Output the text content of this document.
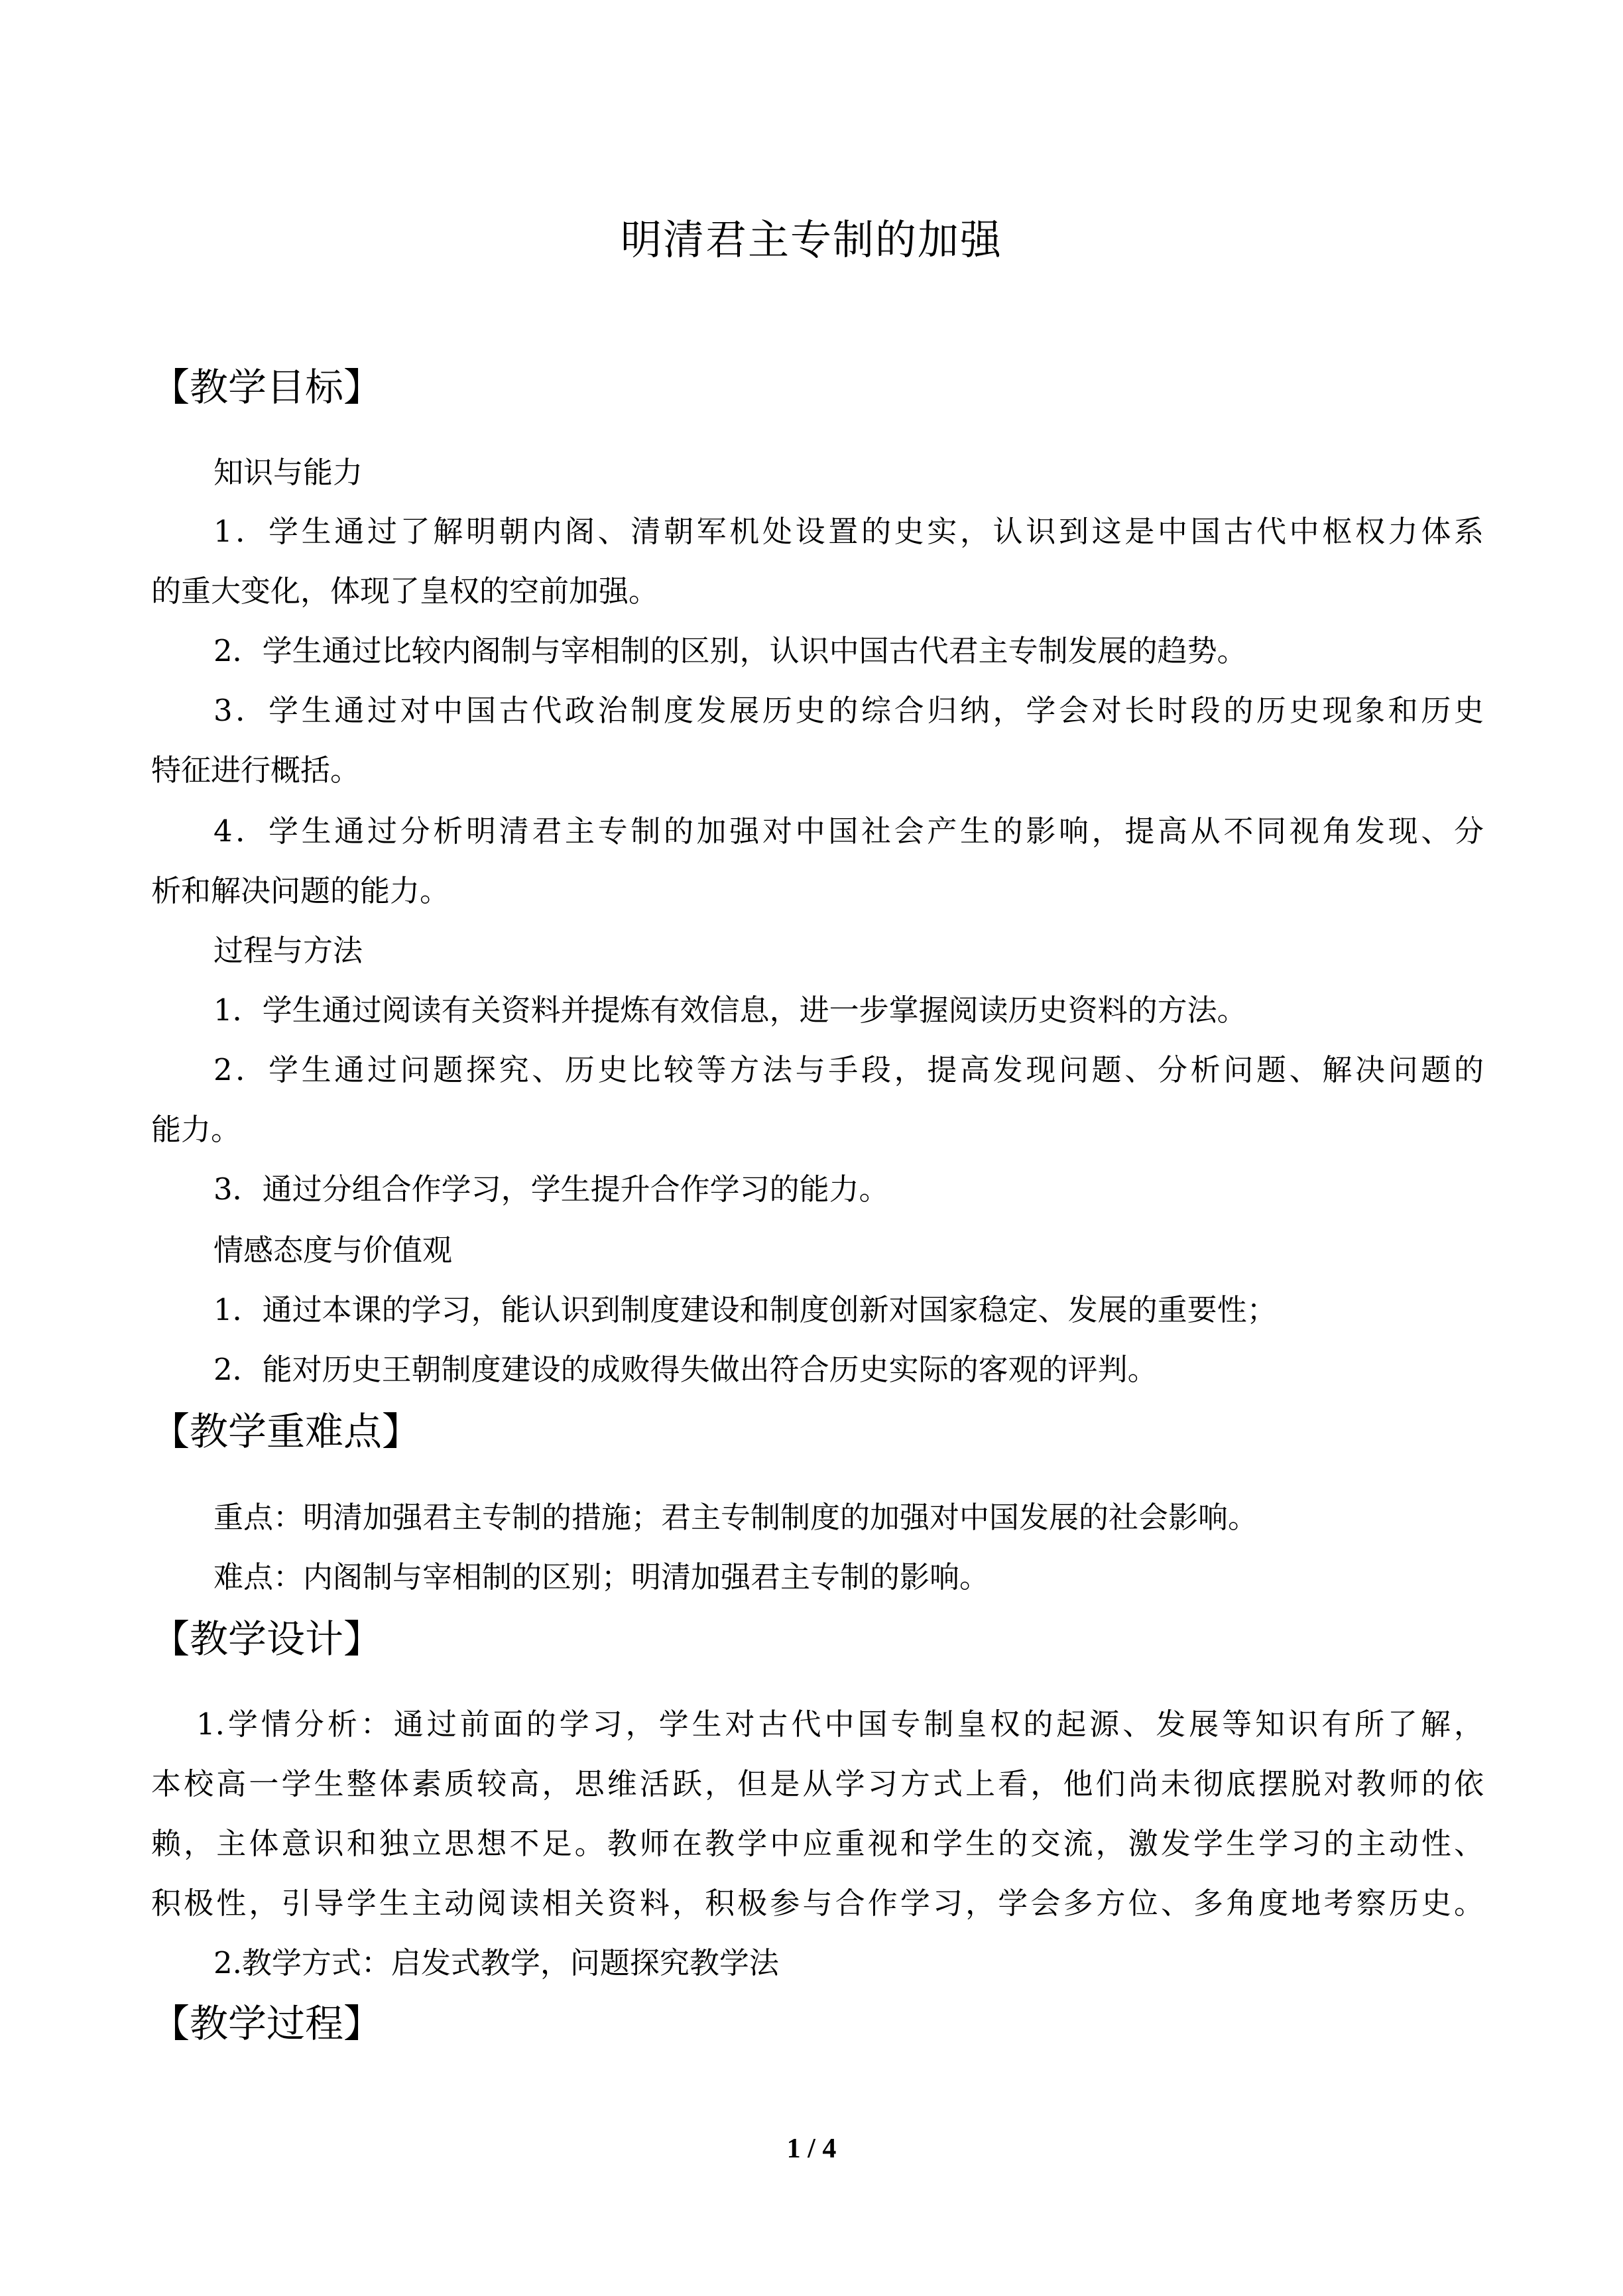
明清君主专制的加强
【教学目标】
知识与能力
1．学生通过了解明朝内阁、清朝军机处设置的史实，认识到这是中国古代中枢权力体系
的重大变化，体现了皇权的空前加强。
2．学生通过比较内阁制与宰相制的区别，认识中国古代君主专制发展的趋势。
3．学生通过对中国古代政治制度发展历史的综合归纳，学会对长时段的历史现象和历史
特征进行概括。
4．学生通过分析明清君主专制的加强对中国社会产生的影响，提高从不同视角发现、分
析和解决问题的能力。
过程与方法
1．学生通过阅读有关资料并提炼有效信息，进一步掌握阅读历史资料的方法。
2．学生通过问题探究、历史比较等方法与手段，提高发现问题、分析问题、解决问题的
能力。
3．通过分组合作学习，学生提升合作学习的能力。
情感态度与价值观
1．通过本课的学习，能认识到制度建设和制度创新对国家稳定、发展的重要性；
2．能对历史王朝制度建设的成败得失做出符合历史实际的客观的评判。
【教学重难点】
重点：明清加强君主专制的措施；君主专制制度的加强对中国发展的社会影响。
难点：内阁制与宰相制的区别；明清加强君主专制的影响。
【教学设计】
1.学情分析：通过前面的学习，学生对古代中国专制皇权的起源、发展等知识有所了解，
本校高一学生整体素质较高，思维活跃，但是从学习方式上看，他们尚未彻底摆脱对教师的依
赖，主体意识和独立思想不足。教师在教学中应重视和学生的交流，激发学生学习的主动性、
积极性，引导学生主动阅读相关资料，积极参与合作学习，学会多方位、多角度地考察历史。
2.教学方式：启发式教学，问题探究教学法
【教学过程】
1 / 4
